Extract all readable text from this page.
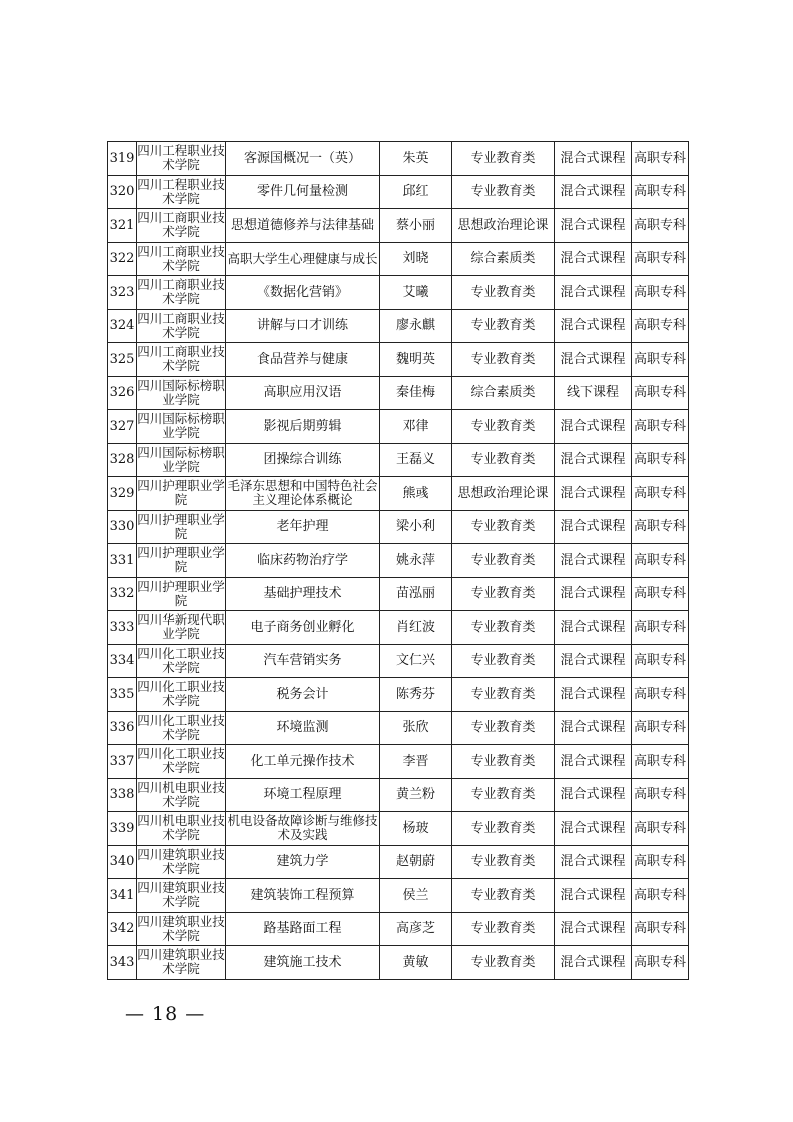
319	四川工程职业技术学院	客源国概况一（英）	朱英	专业教育类	混合式课程	高职专科
320	四川工程职业技术学院	零件几何量检测	邱红	专业教育类	混合式课程	高职专科
321	四川工商职业技术学院	思想道德修养与法律基础	蔡小丽	思想政治理论课	混合式课程	高职专科
322	四川工商职业技术学院	高职大学生心理健康与成长	刘晓	综合素质类	混合式课程	高职专科
323	四川工商职业技术学院	《数据化营销》	艾曦	专业教育类	混合式课程	高职专科
324	四川工商职业技术学院	讲解与口才训练	廖永麒	专业教育类	混合式课程	高职专科
325	四川工商职业技术学院	食品营养与健康	魏明英	专业教育类	混合式课程	高职专科
326	四川国际标榜职业学院	高职应用汉语	秦佳梅	综合素质类	线下课程	高职专科
327	四川国际标榜职业学院	影视后期剪辑	邓律	专业教育类	混合式课程	高职专科
328	四川国际标榜职业学院	团操综合训练	王磊义	专业教育类	混合式课程	高职专科
329	四川护理职业学院	毛泽东思想和中国特色社会主义理论体系概论	熊彧	思想政治理论课	混合式课程	高职专科
330	四川护理职业学院	老年护理	梁小利	专业教育类	混合式课程	高职专科
331	四川护理职业学院	临床药物治疗学	姚永萍	专业教育类	混合式课程	高职专科
332	四川护理职业学院	基础护理技术	苗泓丽	专业教育类	混合式课程	高职专科
333	四川华新现代职业学院	电子商务创业孵化	肖红波	专业教育类	混合式课程	高职专科
334	四川化工职业技术学院	汽车营销实务	文仁兴	专业教育类	混合式课程	高职专科
335	四川化工职业技术学院	税务会计	陈秀芬	专业教育类	混合式课程	高职专科
336	四川化工职业技术学院	环境监测	张欣	专业教育类	混合式课程	高职专科
337	四川化工职业技术学院	化工单元操作技术	李晋	专业教育类	混合式课程	高职专科
338	四川机电职业技术学院	环境工程原理	黄兰粉	专业教育类	混合式课程	高职专科
339	四川机电职业技术学院	机电设备故障诊断与维修技术及实践	杨玻	专业教育类	混合式课程	高职专科
340	四川建筑职业技术学院	建筑力学	赵朝蔚	专业教育类	混合式课程	高职专科
341	四川建筑职业技术学院	建筑装饰工程预算	侯兰	专业教育类	混合式课程	高职专科
342	四川建筑职业技术学院	路基路面工程	高彦芝	专业教育类	混合式课程	高职专科
343	四川建筑职业技术学院	建筑施工技术	黄敏	专业教育类	混合式课程	高职专科
— 18 —
